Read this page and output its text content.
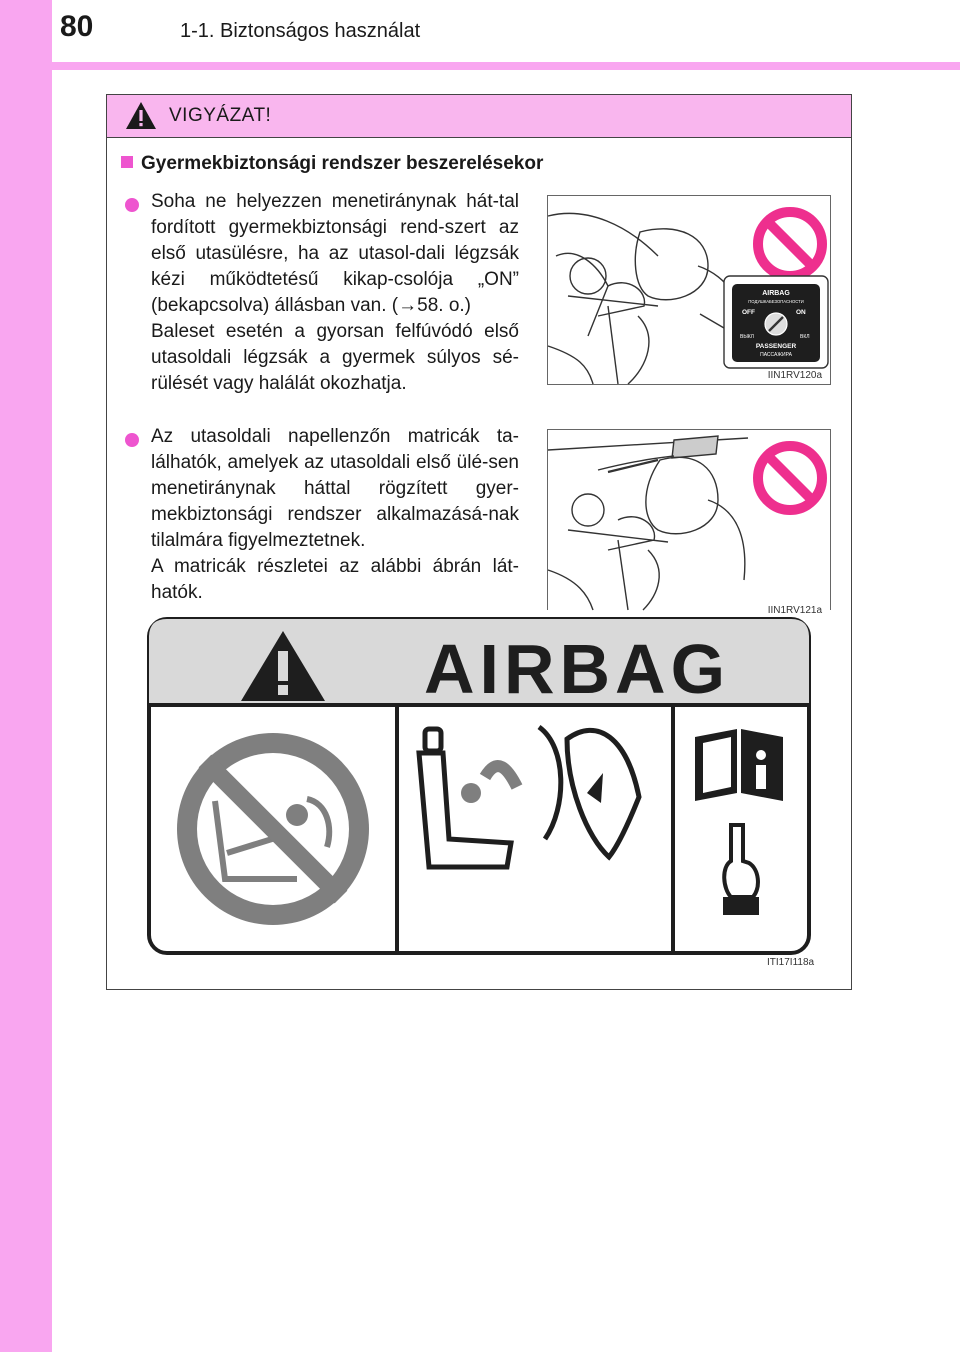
80	1-1. Biztonságos használat
VIGYÁZAT!
Gyermekbiztonsági rendszer beszerelésekor
Soha ne helyezzen menetiránynak hát-tal fordított gyermekbiztonsági rend-szert az első utasülésre, ha az utasol-dali légzsák kézi működtetésű kikap-csolója „ON” (bekapcsolva) állásban van. (→58. o.)
Baleset esetén a gyorsan felfúvódó első utasoldali légzsák a gyermek súlyos sé-rülését vagy halálát okozhatja.
AIRBAG
ПОДУШКАБЕЗОПАСНОСТИ
OFF	ON
ВЫКЛ	ВКЛ
PASSENGER
ПАССАЖИРА
IIN1RV120a
Az utasoldali napellenzőn matricák ta-lálhatók, amelyek az utasoldali első ülé-sen menetiránynak háttal rögzített gyer-mekbiztonsági rendszer alkalmazásá-nak tilalmára figyelmeztetnek.
A matricák részletei az alábbi ábrán lát-hatók.
IIN1RV121a
AIRBAG
ITI17I118a
